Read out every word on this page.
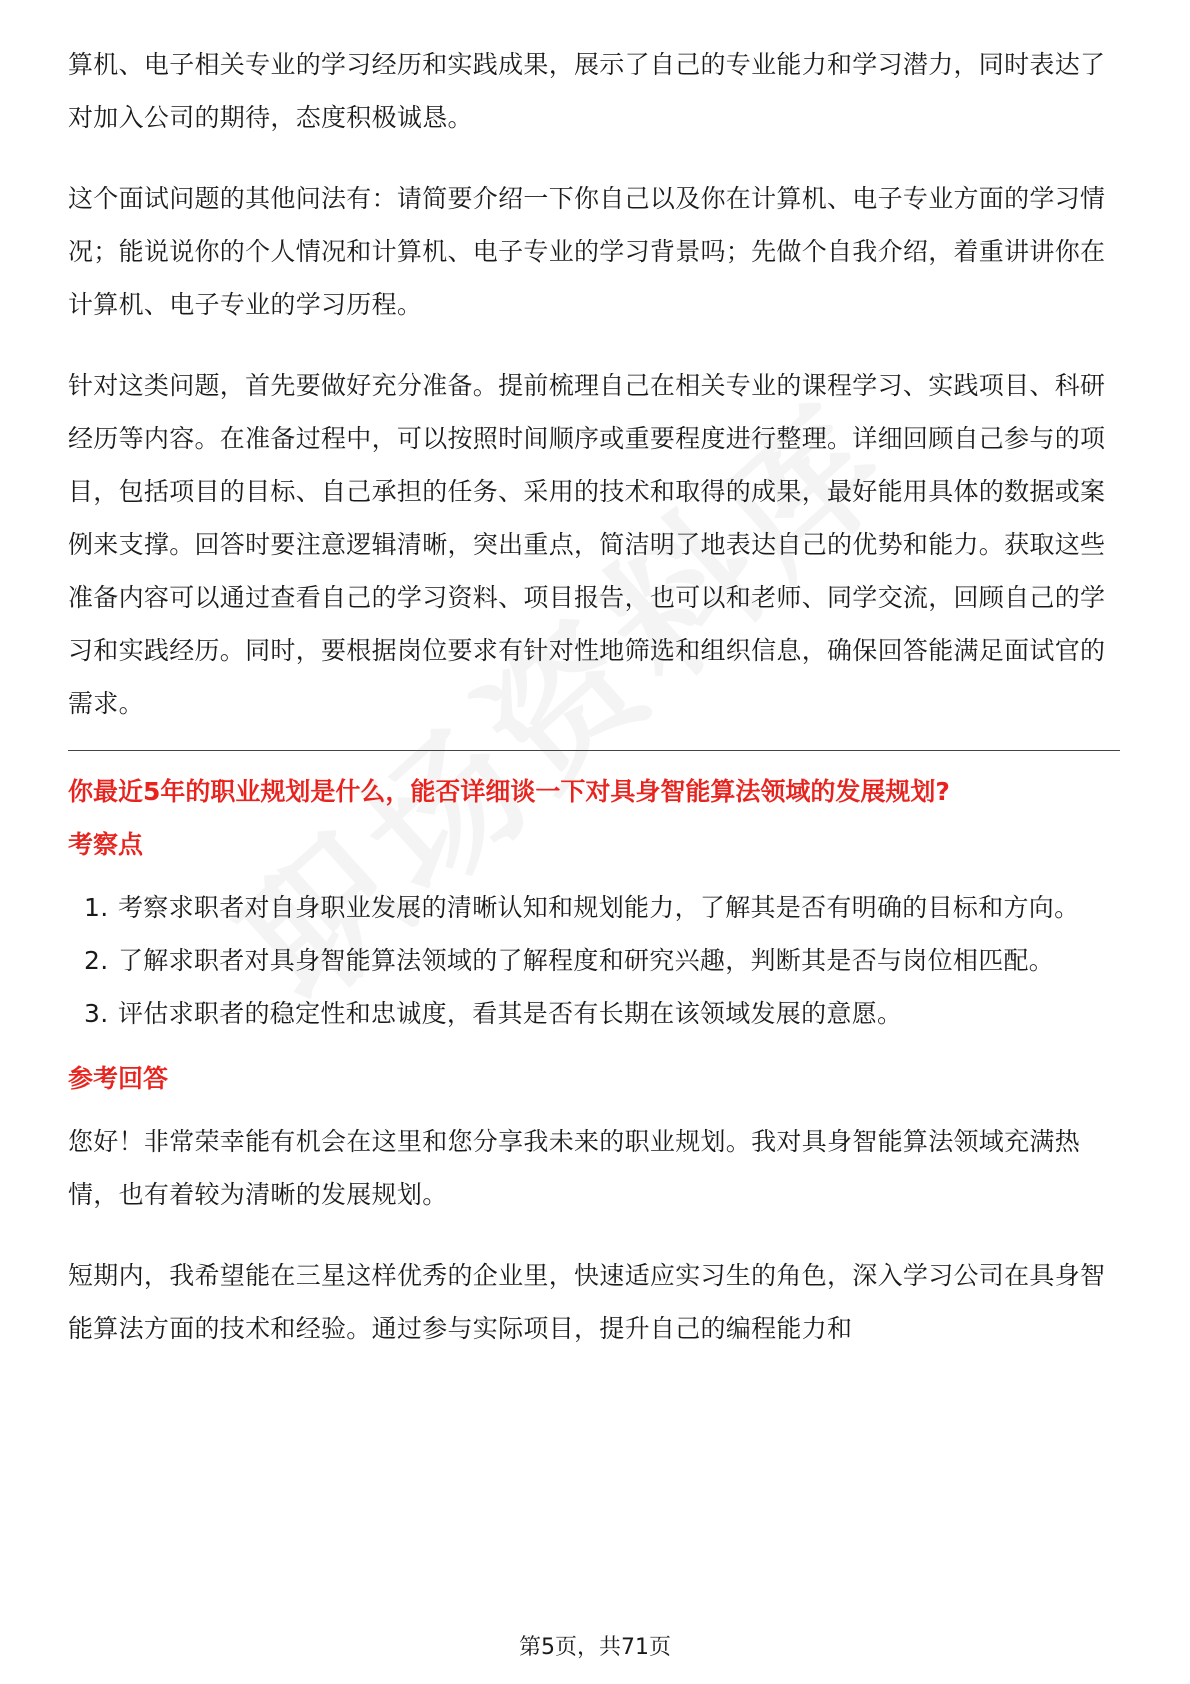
算机、电子相关专业的学习经历和实践成果，展示了自己的专业能力和学习潜力，同时表达了对加入公司的期待，态度积极诚恳。

这个面试问题的其他问法有：请简要介绍一下你自己以及你在计算机、电子专业方面的学习情况；能说说你的个人情况和计算机、电子专业的学习背景吗；先做个自我介绍，着重讲讲你在计算机、电子专业的学习历程。

针对这类问题，首先要做好充分准备。提前梳理自己在相关专业的课程学习、实践项目、科研经历等内容。在准备过程中，可以按照时间顺序或重要程度进行整理。详细回顾自己参与的项目，包括项目的目标、自己承担的任务、采用的技术和取得的成果，最好能用具体的数据或案例来支撑。回答时要注意逻辑清晰，突出重点，简洁明了地表达自己的优势和能力。获取这些准备内容可以通过查看自己的学习资料、项目报告，也可以和老师、同学交流，回顾自己的学习和实践经历。同时，要根据岗位要求有针对性地筛选和组织信息，确保回答能满足面试官的需求。

你最近5年的职业规划是什么，能否详细谈一下对具身智能算法领域的发展规划?

考察点

1. 考察求职者对自身职业发展的清晰认知和规划能力，了解其是否有明确的目标和方向。
2. 了解求职者对具身智能算法领域的了解程度和研究兴趣，判断其是否与岗位相匹配。
3. 评估求职者的稳定性和忠诚度，看其是否有长期在该领域发展的意愿。

参考回答

您好！非常荣幸能有机会在这里和您分享我未来的职业规划。我对具身智能算法领域充满热情，也有着较为清晰的发展规划。

短期内，我希望能在三星这样优秀的企业里，快速适应实习生的角色，深入学习公司在具身智能算法方面的技术和经验。通过参与实际项目，提升自己的编程能力和

第5页，共71页
